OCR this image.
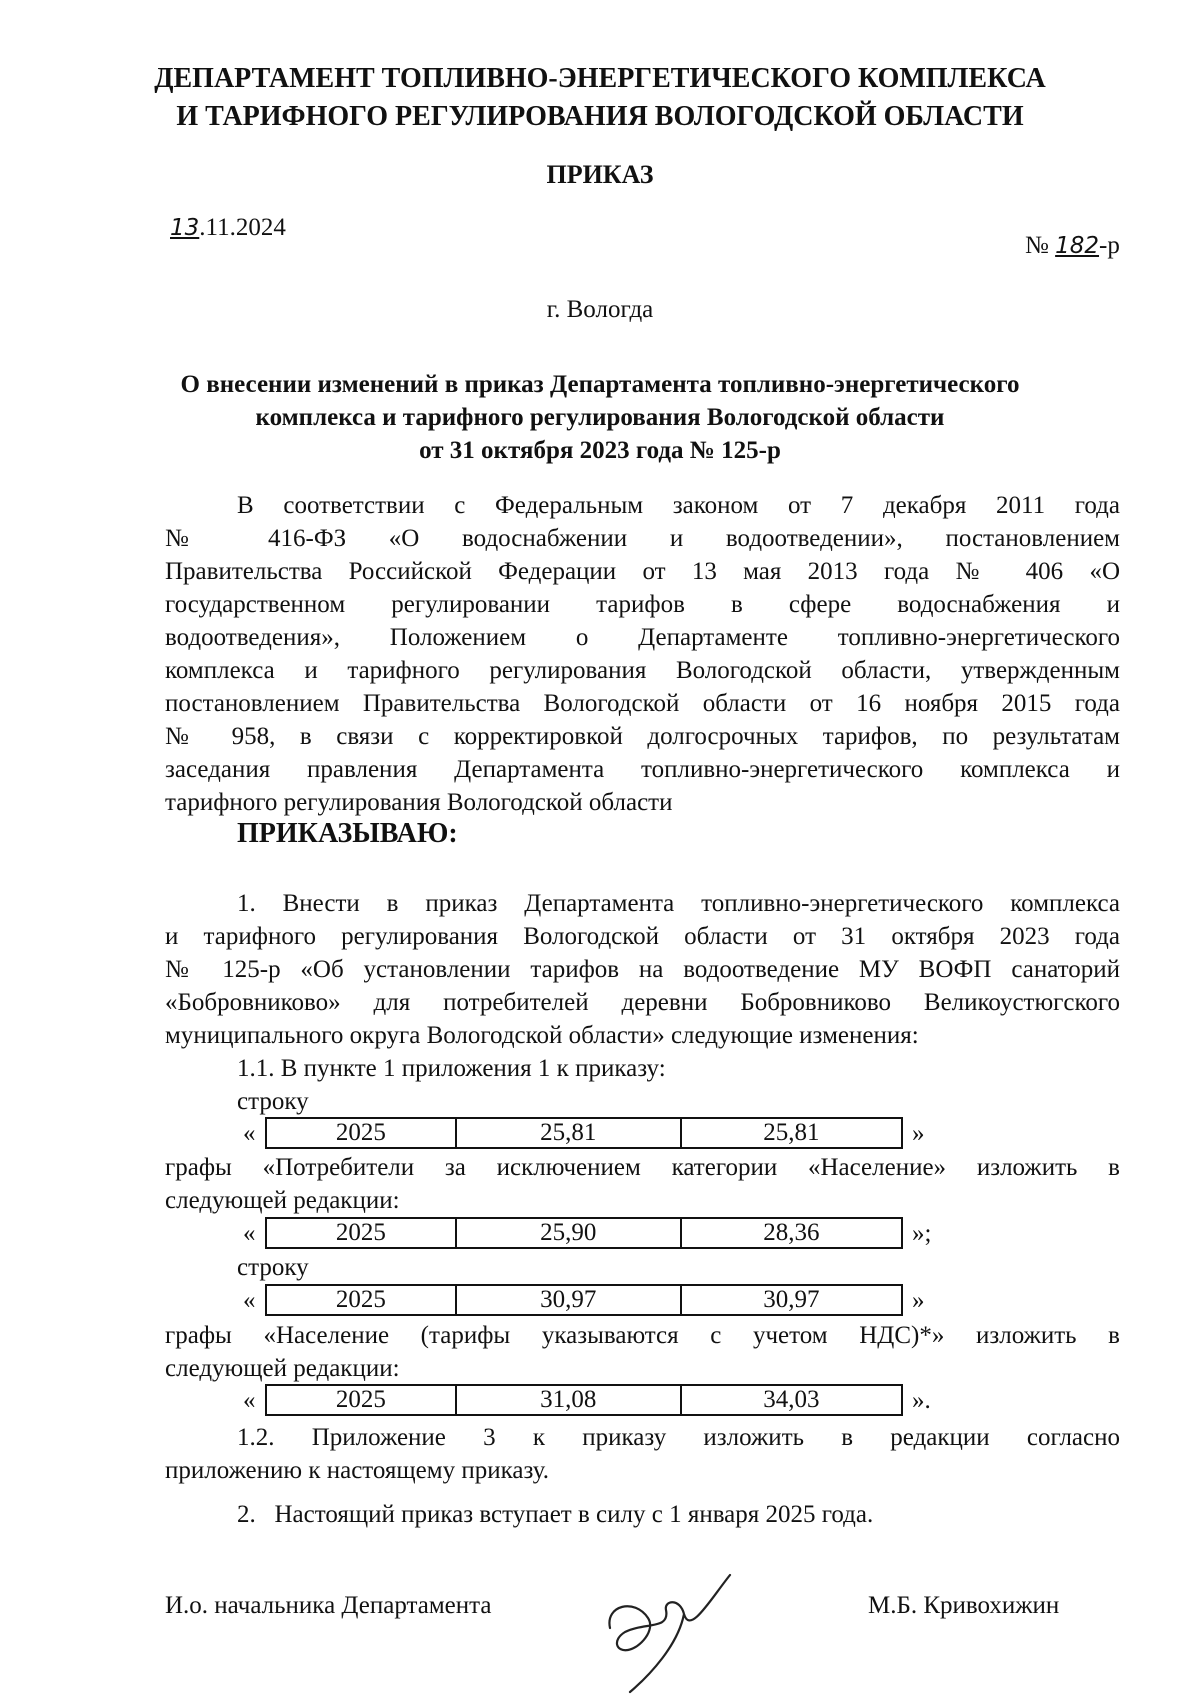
ДЕПАРТАМЕНТ ТОПЛИВНО-ЭНЕРГЕТИЧЕСКОГО КОМПЛЕКСА
И ТАРИФНОГО РЕГУЛИРОВАНИЯ ВОЛОГОДСКОЙ ОБЛАСТИ
ПРИКАЗ
13.11.2024
№ 182-р
г. Вологда
О внесении изменений в приказ Департамента топливно-энергетического
комплекса и тарифного регулирования Вологодской области
от 31 октября 2023 года № 125-р
В соответствии с Федеральным законом от 7 декабря 2011 года
№ 416-ФЗ «О водоснабжении и водоотведении», постановлением
Правительства Российской Федерации от 13 мая 2013 года № 406 «О
государственном регулировании тарифов в сфере водоснабжения и
водоотведения», Положением о Департаменте топливно-энергетического
комплекса и тарифного регулирования Вологодской области, утвержденным
постановлением Правительства Вологодской области от 16 ноября 2015 года
№ 958, в связи с корректировкой долгосрочных тарифов, по результатам
заседания правления Департамента топливно-энергетического комплекса и
тарифного регулирования Вологодской области
ПРИКАЗЫВАЮ:
1. Внести в приказ Департамента топливно-энергетического комплекса
и тарифного регулирования Вологодской области от 31 октября 2023 года
№ 125-р «Об установлении тарифов на водоотведение МУ ВОФП санаторий
«Бобровниково» для потребителей деревни Бобровниково Великоустюгского
муниципального округа Вологодской области» следующие изменения:
1.1. В пункте 1 приложения 1 к приказу:
строку
«	2025	25,81	25,81	»
графы «Потребители за исключением категории «Население» изложить в
следующей редакции:
«	2025	25,90	28,36	»;
строку
«	2025	30,97	30,97	»
графы «Население (тарифы указываются с учетом НДС)*» изложить в
следующей редакции:
«	2025	31,08	34,03	».
1.2. Приложение 3 к приказу изложить в редакции согласно
приложению к настоящему приказу.
2.   Настоящий приказ вступает в силу с 1 января 2025 года.
И.о. начальника Департамента	М.Б. Кривохижин
